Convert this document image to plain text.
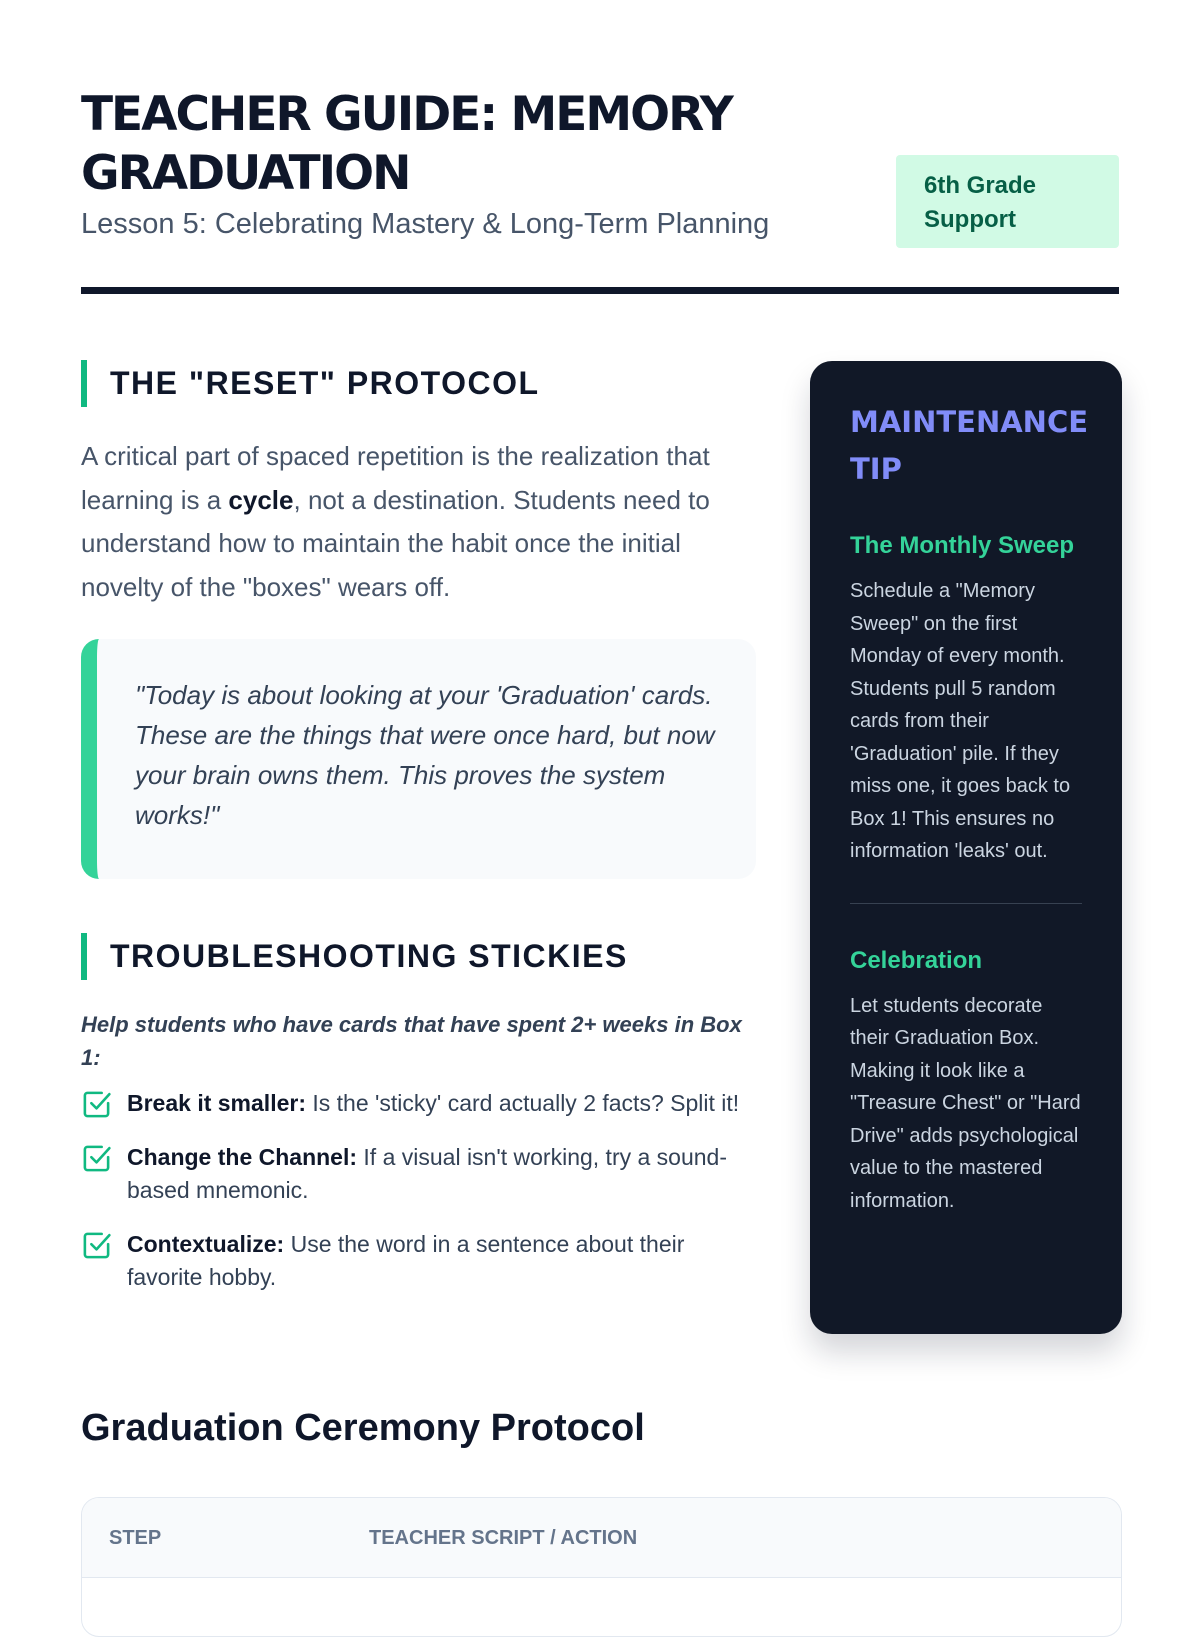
TEACHER GUIDE: MEMORY GRADUATION

Lesson 5: Celebrating Mastery & Long-Term Planning

6th Grade Support
THE "RESET" PROTOCOL

A critical part of spaced repetition is the realization that learning is a cycle, not a destination. Students need to understand how to maintain the habit once the initial novelty of the "boxes" wears off.

"Today is about looking at your 'Graduation' cards. These are the things that were once hard, but now your brain owns them. This proves the system works!"
TROUBLESHOOTING STICKIES

Help students who have cards that have spent 2+ weeks in Box 1:

Break it smaller: Is the 'sticky' card actually 2 facts? Split it!
Change the Channel: If a visual isn't working, try a sound-based mnemonic.
Contextualize: Use the word in a sentence about their favorite hobby.
MAINTENANCE TIP
The Monthly Sweep

Schedule a "Memory Sweep" on the first Monday of every month. Students pull 5 random cards from their 'Graduation' pile. If they miss one, it goes back to Box 1! This ensures no information 'leaks' out.

Celebration

Let students decorate their Graduation Box. Making it look like a "Treasure Chest" or "Hard Drive" adds psychological value to the mastered information.

Graduation Ceremony Protocol
STEP	TEACHER SCRIPT / ACTION
